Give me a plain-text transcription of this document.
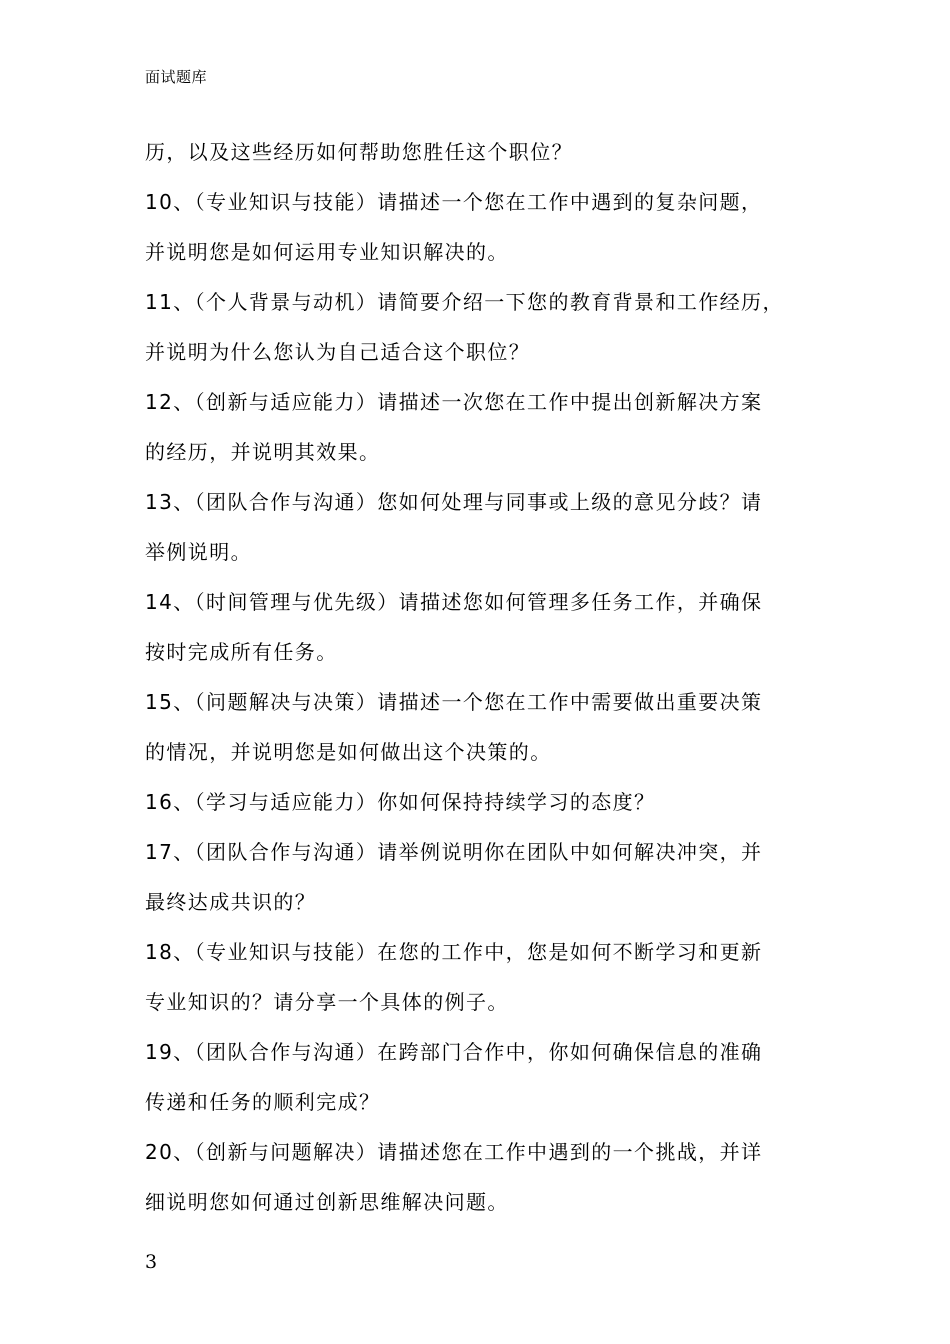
面试题库
历，以及这些经历如何帮助您胜任这个职位？
10、（专业知识与技能）请描述一个您在工作中遇到的复杂问题，
并说明您是如何运用专业知识解决的。
11、（个人背景与动机）请简要介绍一下您的教育背景和工作经历，
并说明为什么您认为自己适合这个职位？
12、（创新与适应能力）请描述一次您在工作中提出创新解决方案
的经历，并说明其效果。
13、（团队合作与沟通）您如何处理与同事或上级的意见分歧？请
举例说明。
14、（时间管理与优先级）请描述您如何管理多任务工作，并确保
按时完成所有任务。
15、（问题解决与决策）请描述一个您在工作中需要做出重要决策
的情况，并说明您是如何做出这个决策的。
16、（学习与适应能力）你如何保持持续学习的态度？
17、（团队合作与沟通）请举例说明你在团队中如何解决冲突，并
最终达成共识的？
18、（专业知识与技能）在您的工作中，您是如何不断学习和更新
专业知识的？请分享一个具体的例子。
19、（团队合作与沟通）在跨部门合作中，你如何确保信息的准确
传递和任务的顺利完成？
20、（创新与问题解决）请描述您在工作中遇到的一个挑战，并详
细说明您如何通过创新思维解决问题。
3
